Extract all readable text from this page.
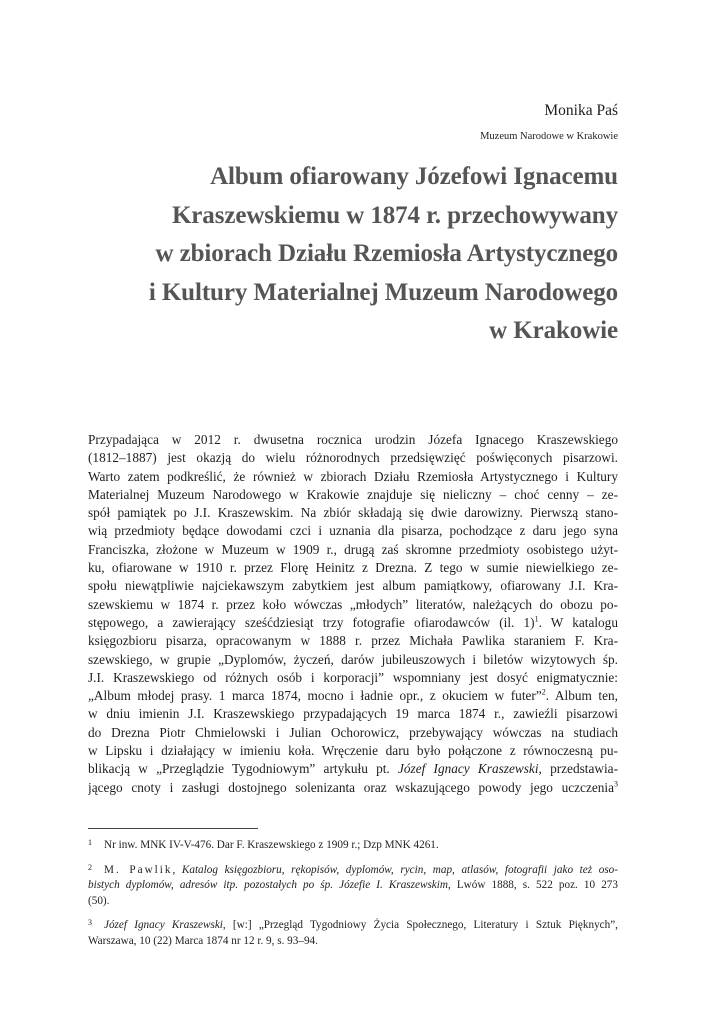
Monika Paś
Muzeum Narodowe w Krakowie
Album ofiarowany Józefowi Ignacemu
Kraszewskiemu w 1874 r. przechowywany
w zbiorach Działu Rzemiosła Artystycznego
i Kultury Materialnej Muzeum Narodowego
w Krakowie
Przypadająca w 2012 r. dwusetna rocznica urodzin Józefa Ignacego Kraszewskiego
(1812–1887) jest okazją do wielu różnorodnych przedsięwzięć poświęconych pisarzowi.
Warto zatem podkreślić, że również w zbiorach Działu Rzemiosła Artystycznego i Kultury
Materialnej Muzeum Narodowego w Krakowie znajduje się nieliczny – choć cenny – ze-
spół pamiątek po J.I. Kraszewskim. Na zbiór składają się dwie darowizny. Pierwszą stano-
wią przedmioty będące dowodami czci i uznania dla pisarza, pochodzące z daru jego syna
Franciszka, złożone w Muzeum w 1909 r., drugą zaś skromne przedmioty osobistego użyt-
ku, ofiarowane w 1910 r. przez Florę Heinitz z Drezna. Z tego w sumie niewielkiego ze-
społu niewątpliwie najciekawszym zabytkiem jest album pamiątkowy, ofiarowany J.I. Kra-
szewskiemu w 1874 r. przez koło wówczas „młodych” literatów, należących do obozu po-
stępowego, a zawierający sześćdziesiąt trzy fotografie ofiarodawców (il. 1)$^1$. W katalogu
księgozbioru pisarza, opracowanym w 1888 r. przez Michała Pawlika staraniem F. Kra-
szewskiego, w grupie „Dyplomów, życzeń, darów jubileuszowych i biletów wizytowych śp.
J.I. Kraszewskiego od różnych osób i korporacji” wspomniany jest dosyć enigmatycznie:
„Album młodej prasy. 1 marca 1874, mocno i ładnie opr., z okuciem w futer”$^2$. Album ten,
w dniu imienin J.I. Kraszewskiego przypadających 19 marca 1874 r., zawieźli pisarzowi
do Drezna Piotr Chmielowski i Julian Ochorowicz, przebywający wówczas na studiach
w Lipsku i działający w imieniu koła. Wręczenie daru było połączone z równoczesną pu-
blikacją w „Przeglądzie Tygodniowym” artykułu pt. Józef Ignacy Kraszewski, przedstawia-
jącego cnoty i zasługi dostojnego solenizanta oraz wskazującego powody jego uczczenia$^3$
1	Nr inw. MNK IV-V-476. Dar F. Kraszewskiego z 1909 r.; Dzp MNK 4261.
2	M. Pawlik, Katalog księgozbioru, rękopisów, dyplomów, rycin, map, atlasów, fotografii jako też oso-
bistych dyplomów, adresów itp. pozostałych po śp. Józefie I. Kraszewskim, Lwów 1888, s. 522 poz. 10 273
(50).
3	Józef Ignacy Kraszewski, [w:] „Przegląd Tygodniowy Życia Społecznego, Literatury i Sztuk Pięknych”,
Warszawa, 10 (22) Marca 1874 nr 12 r. 9, s. 93–94.
